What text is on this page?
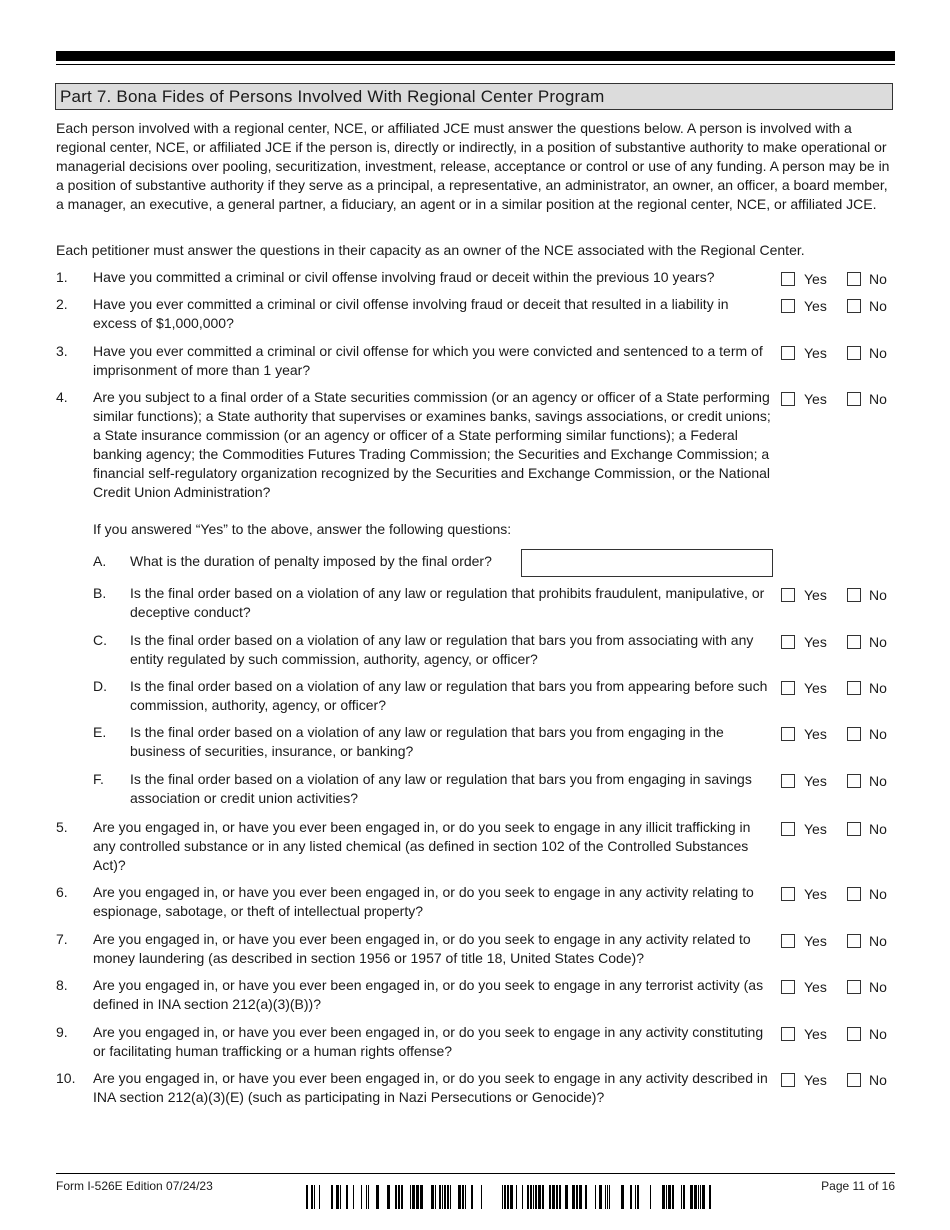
Part 7. Bona Fides of Persons Involved With Regional Center Program

Each person involved with a regional center, NCE, or affiliated JCE must answer the questions below. A person is involved with a regional center, NCE, or affiliated JCE if the person is, directly or indirectly, in a position of substantive authority to make operational or managerial decisions over pooling, securitization, investment, release, acceptance or control or use of any funding. A person may be in a position of substantive authority if they serve as a principal, a representative, an administrator, an owner, an officer, a board member, a manager, an executive, a general partner, a fiduciary, an agent or in a similar position at the regional center, NCE, or affiliated JCE.

Each petitioner must answer the questions in their capacity as an owner of the NCE associated with the Regional Center.

1.	Have you committed a criminal or civil offense involving fraud or deceit within the previous 10 years?	Yes	No
2.	Have you ever committed a criminal or civil offense involving fraud or deceit that resulted in a liability in excess of $1,000,000?
Yes	No
3.	Have you ever committed a criminal or civil offense for which you were convicted and sentenced to a term of imprisonment of more than 1 year?
Yes	No
4.	Are you subject to a final order of a State securities commission (or an agency or officer of a State performing similar functions); a State authority that supervises or examines banks, savings associations, or credit unions; a State insurance commission (or an agency or officer of a State performing similar functions); a Federal banking agency; the Commodities Futures Trading Commission; the Securities and Exchange Commission; a financial self-regulatory organization recognized by the Securities and Exchange Commission, or the National Credit Union Administration?
Yes	No
If you answered “Yes” to the above, answer the following questions:
A.	What is the duration of penalty imposed by the final order?
B.	Is the final order based on a violation of any law or regulation that prohibits fraudulent, manipulative, or deceptive conduct?
Yes	No
C.	Is the final order based on a violation of any law or regulation that bars you from associating with any entity regulated by such commission, authority, agency, or officer?
Yes	No
D.	Is the final order based on a violation of any law or regulation that bars you from appearing before such commission, authority, agency, or officer?
Yes	No
E.	Is the final order based on a violation of any law or regulation that bars you from engaging in the business of securities, insurance, or banking?
Yes	No
F.	Is the final order based on a violation of any law or regulation that bars you from engaging in savings association or credit union activities?
Yes	No
5.	Are you engaged in, or have you ever been engaged in, or do you seek to engage in any illicit trafficking in any controlled substance or in any listed chemical (as defined in section 102 of the Controlled Substances Act)?
Yes	No
6.	Are you engaged in, or have you ever been engaged in, or do you seek to engage in any activity relating to espionage, sabotage, or theft of intellectual property?
Yes	No
7.	Are you engaged in, or have you ever been engaged in, or do you seek to engage in any activity related to money laundering (as described in section 1956 or 1957 of title 18, United States Code)?
Yes	No
8.	Are you engaged in, or have you ever been engaged in, or do you seek to engage in any terrorist activity (as defined in INA section 212(a)(3)(B))?
Yes	No
9.	Are you engaged in, or have you ever been engaged in, or do you seek to engage in any activity constituting or facilitating human trafficking or a human rights offense?
Yes	No
10.	Are you engaged in, or have you ever been engaged in, or do you seek to engage in any activity described in INA section 212(a)(3)(E) (such as participating in Nazi Persecutions or Genocide)?
Yes	No
Form I-526E Edition 07/24/23	Page 11 of 16
